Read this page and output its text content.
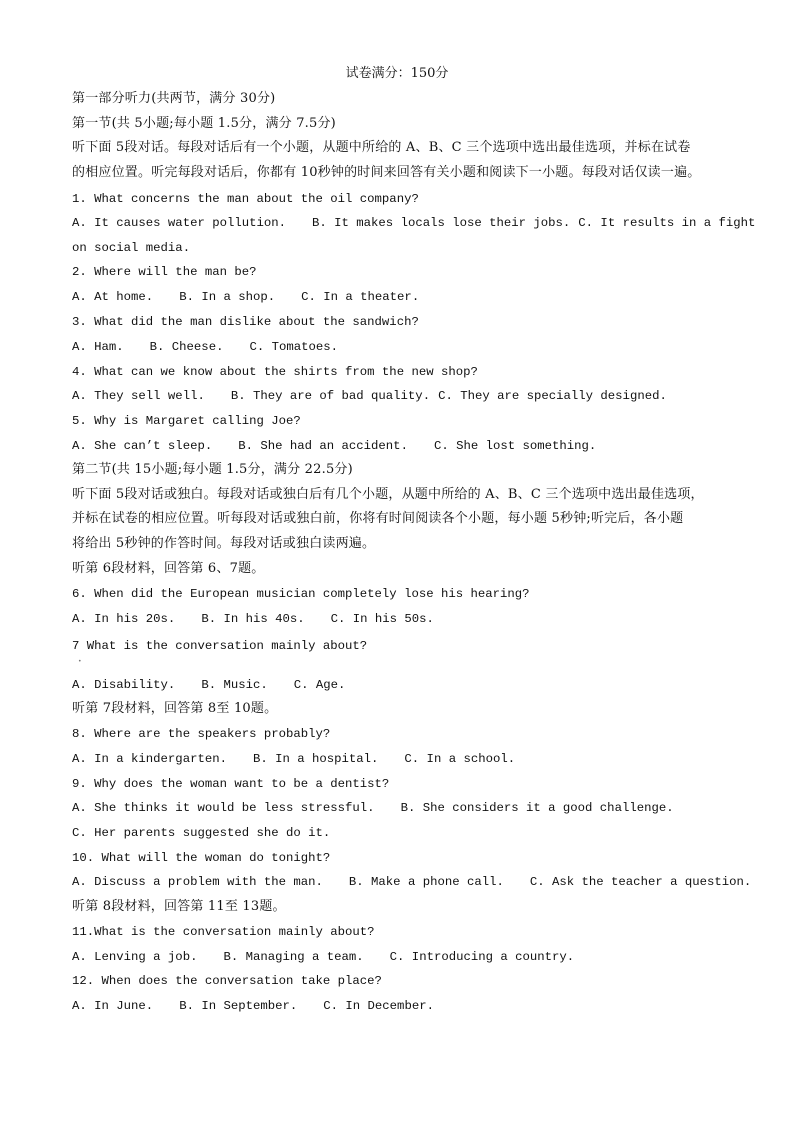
试卷满分：150分
第一部分听力(共两节，满分 30分)
第一节(共 5小题;每小题 1.5分，满分 7.5分)
听下面 5段对话。每段对话后有一个小题，从题中所给的 A、B、C 三个选项中选出最佳选项，并标在试卷
的相应位置。听完每段对话后，你都有 10秒钟的时间来回答有关小题和阅读下一小题。每段对话仅读一遍。
1. What concerns the man about the oil company?
A. It causes water pollution. B. It makes locals lose their jobs. C. It results in a fight
on social media.
2. Where will the man be?
A. At home. B. In a shop. C. In a theater.
3. What did the man dislike about the sandwich?
A. Ham. B. Cheese. C. Tomatoes.
4. What can we know about the shirts from the new shop?
A. They sell well. B. They are of bad quality. C. They are specially designed.
5. Why is Margaret calling Joe?
A. She can’t sleep. B. She had an accident. C. She lost something.
第二节(共 15小题;每小题 1.5分，满分 22.5分)
听下面 5段对话或独白。每段对话或独白后有几个小题，从题中所给的 A、B、C 三个选项中选出最佳选项，
并标在试卷的相应位置。听每段对话或独白前，你将有时间阅读各个小题，每小题 5秒钟;听完后，各小题
将给出 5秒钟的作答时间。每段对话或独白读两遍。
听第 6段材料，回答第 6、7题。
6. When did the European musician completely lose his hearing?
A. In his 20s. B. In his 40s. C. In his 50s.
7 What is the conversation mainly about?
•
A. Disability. B. Music. C. Age.
听第 7段材料，回答第 8至 10题。
8. Where are the speakers probably?
A. In a kindergarten. B. In a hospital. C. In a school.
9. Why does the woman want to be a dentist?
A. She thinks it would be less stressful. B. She considers it a good challenge.
C. Her parents suggested she do it.
10. What will the woman do tonight?
A. Discuss a problem with the man. B. Make a phone call. C. Ask the teacher a question.
听第 8段材料，回答第 11至 13题。
11.What is the conversation mainly about?
A. Lenving a job. B. Managing a team. C. Introducing a country.
12. When does the conversation take place?
A. In June. B. In September. C. In December.
